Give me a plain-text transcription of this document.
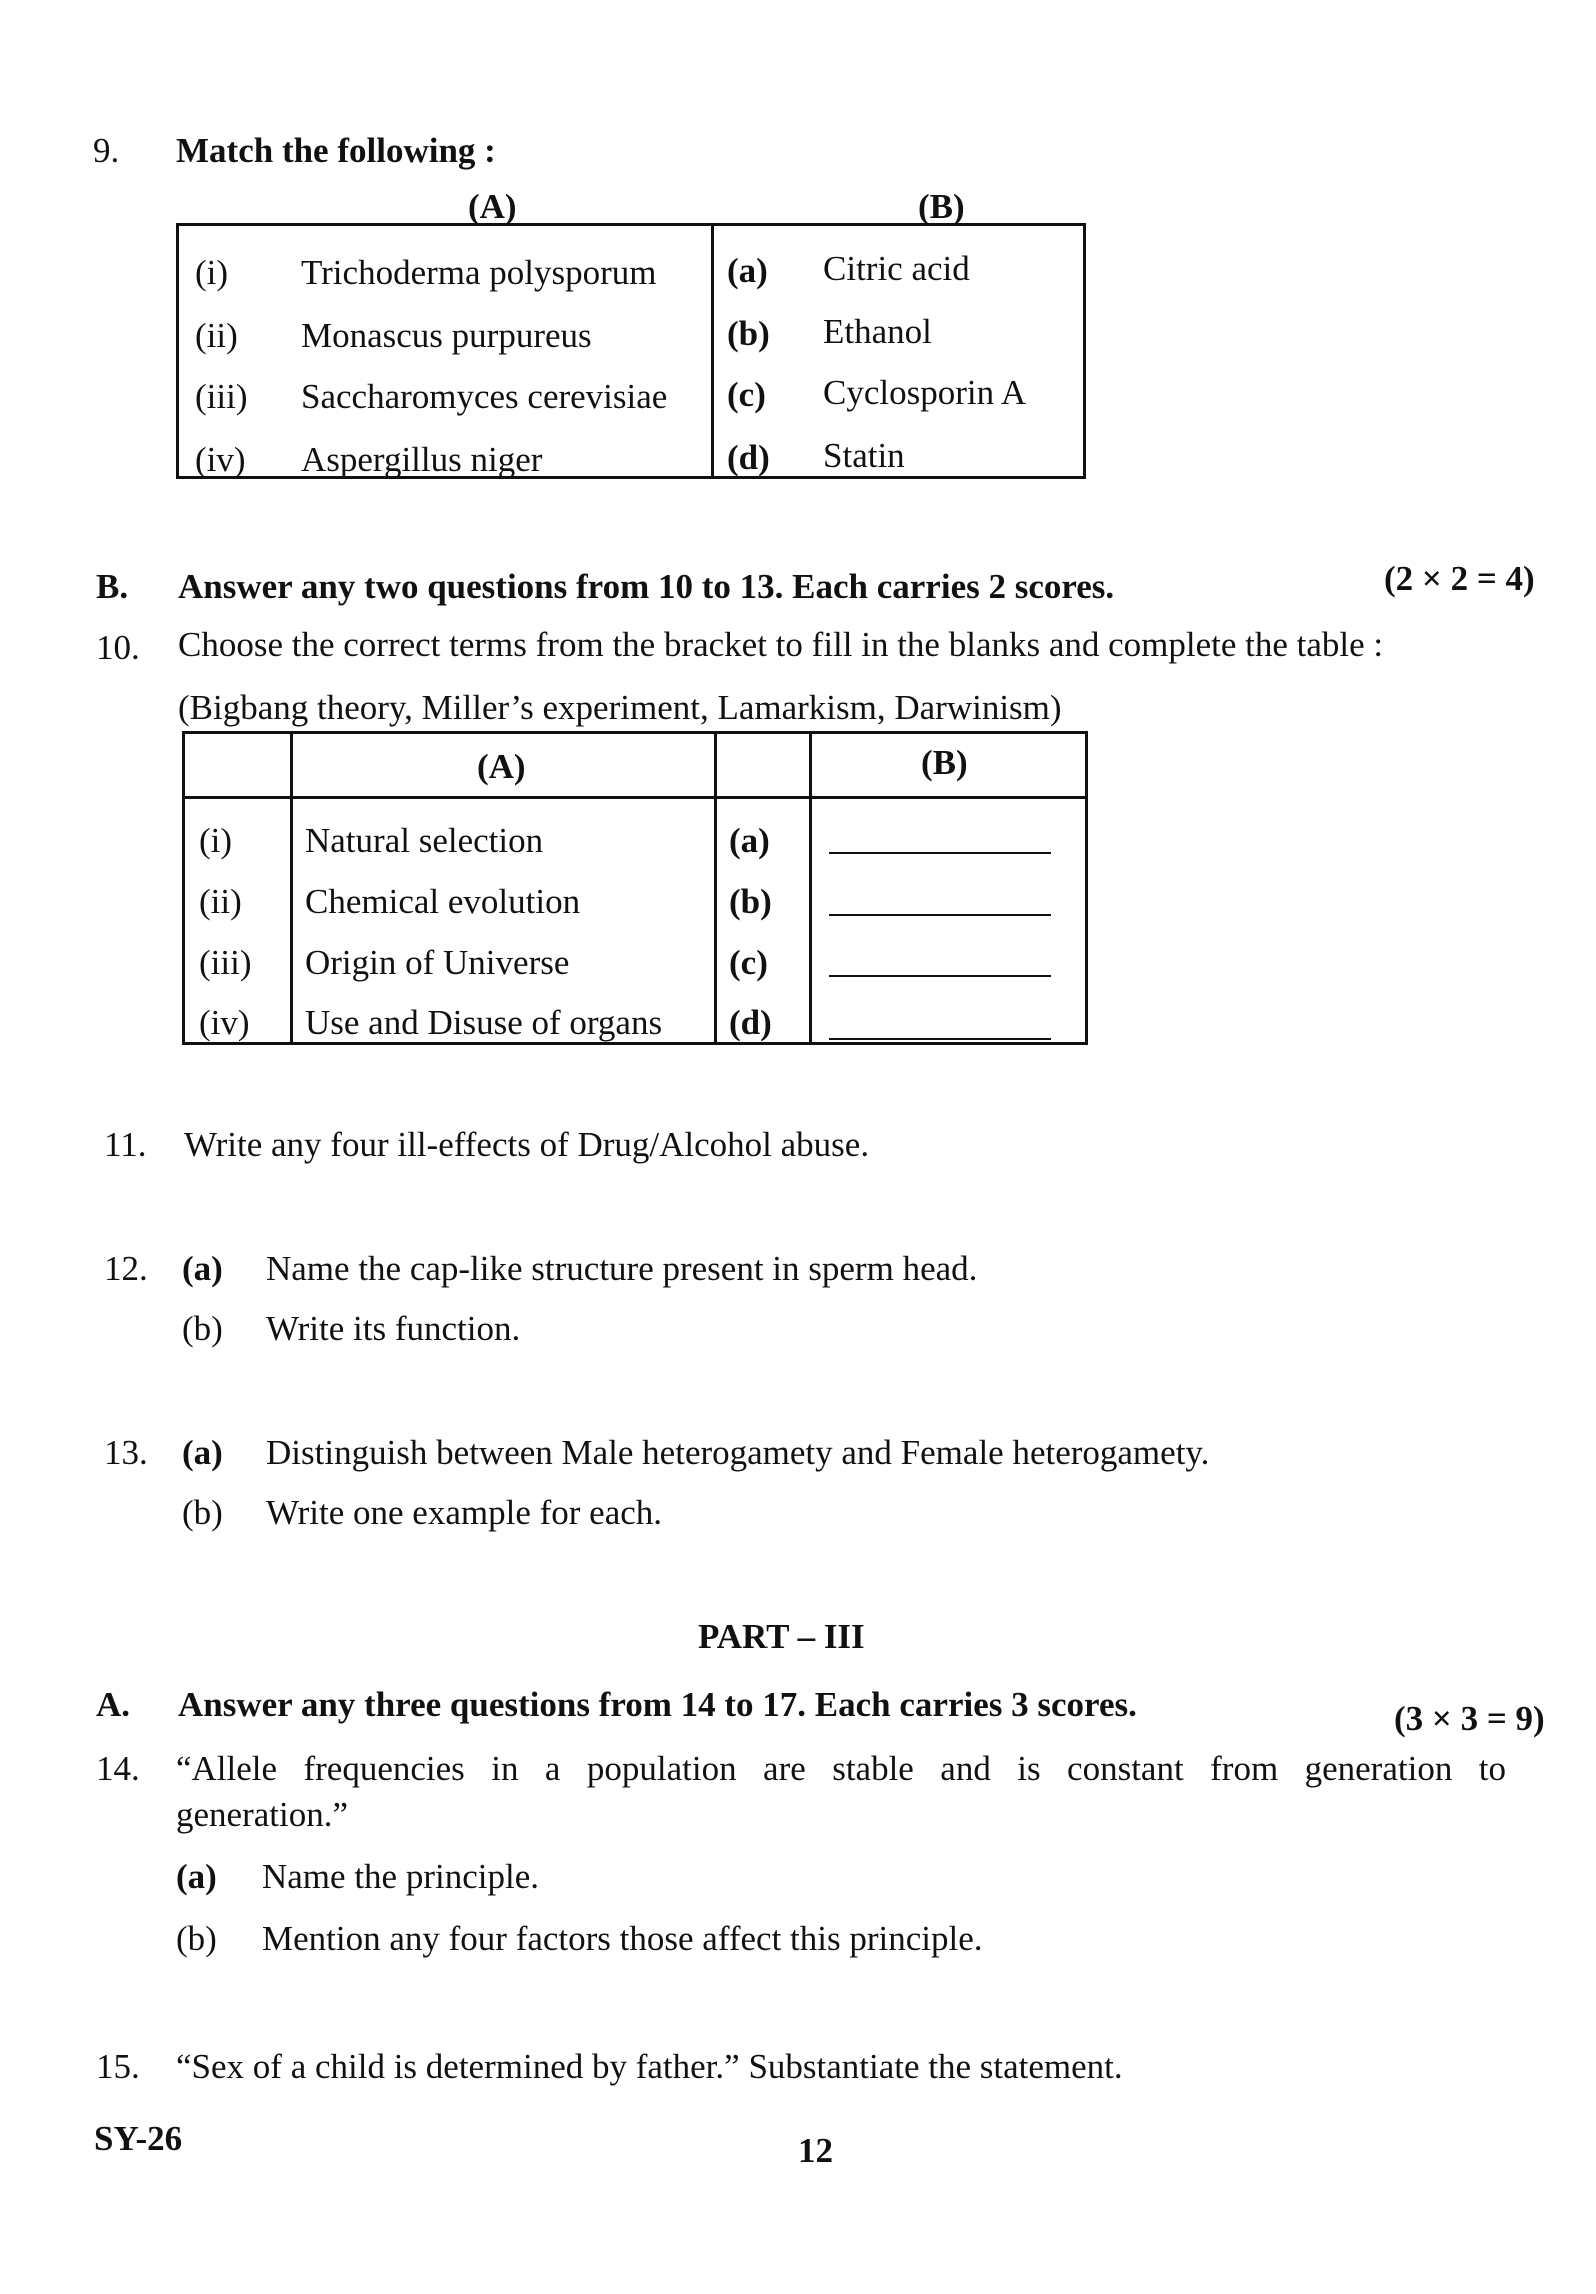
9. Match the following :
(A)	(B)
(i) Trichoderma polysporum (a) Citric acid
(ii) Monascus purpureus	(b) Ethanol
(iii) Saccharomyces cerevisiae (c) Cyclosporin A
(iv) Aspergillus niger	(d) Statin
B. Answer any two questions from 10 to 13. Each carries 2 scores.	(2 × 2 = 4)
10. Choose the correct terms from the bracket to fill in the blanks and complete the table :
(Bigbang theory, Miller’s experiment, Lamarkism, Darwinism)
(A)	(B)
(i) Natural selection	(a)
(ii) Chemical evolution	(b)
(iii) Origin of Universe	(c)
(iv) Use and Disuse of organs (d)
11. Write any four ill-effects of Drug/Alcohol abuse.
12. (a) Name the cap-like structure present in sperm head.
(b) Write its function.
13. (a) Distinguish between Male heterogamety and Female heterogamety.
(b) Write one example for each.
PART – III
A. Answer any three questions from 14 to 17. Each carries 3 scores.	(3 × 3 = 9)
14. “Allele frequencies in a population are stable and is constant from generation to
generation.”
(a) Name the principle.
(b) Mention any four factors those affect this principle.
15. “Sex of a child is determined by father.” Substantiate the statement.
SY-26	12
